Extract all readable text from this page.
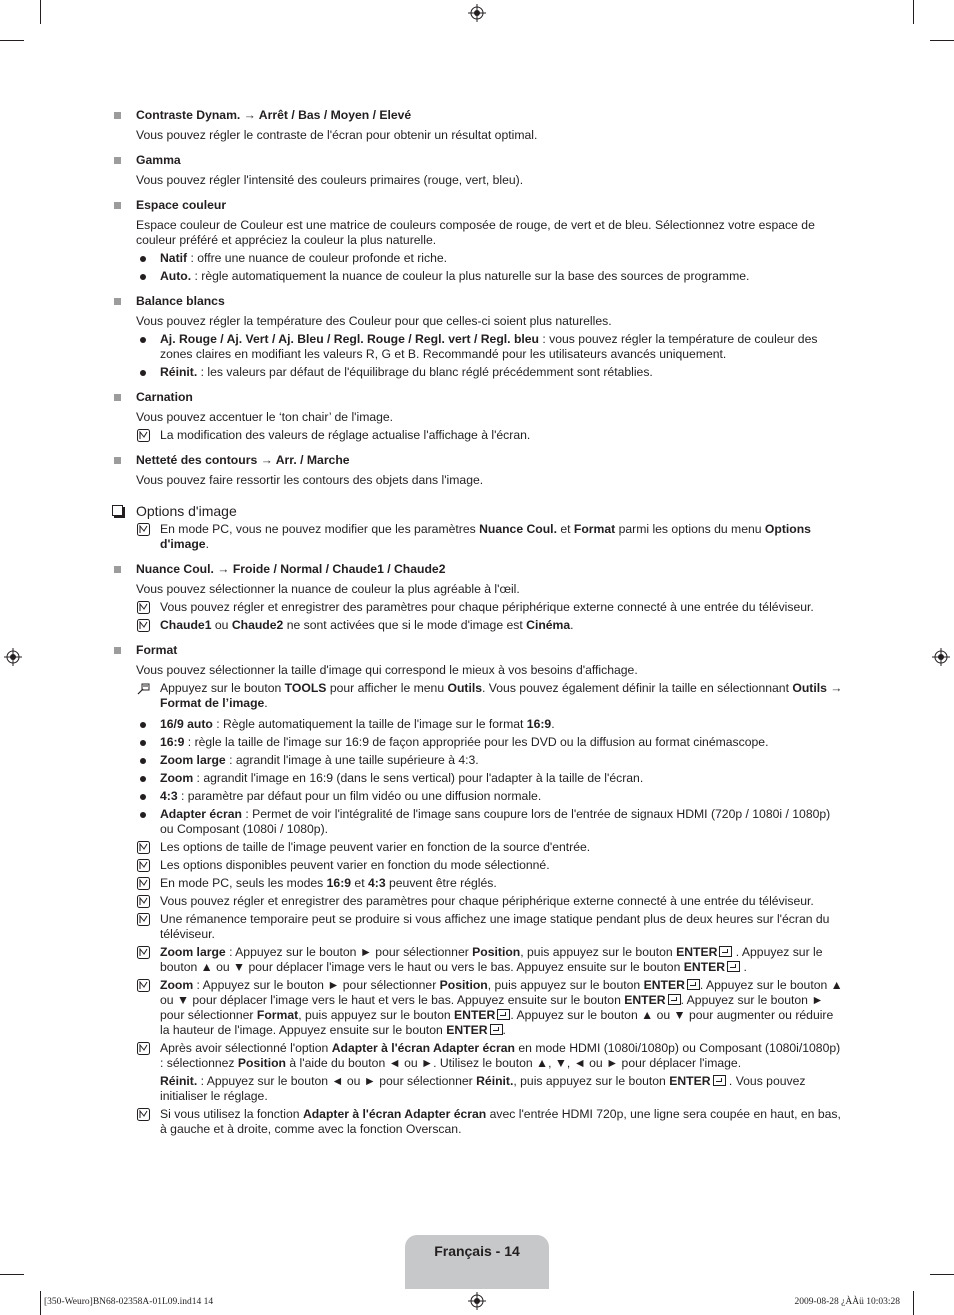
Contraste Dynam. → Arrêt / Bas / Moyen / Elevé
Vous pouvez régler le contraste de l'écran pour obtenir un résultat optimal.
Gamma
Vous pouvez régler l'intensité des couleurs primaires (rouge, vert, bleu).
Espace couleur
Espace couleur de Couleur est une matrice de couleurs composée de rouge, de vert et de bleu. Sélectionnez votre espace de couleur préféré et appréciez la couleur la plus naturelle.
Natif : offre une nuance de couleur profonde et riche.
Auto. : règle automatiquement la nuance de couleur la plus naturelle sur la base des sources de programme.
Balance blancs
Vous pouvez régler la température des Couleur pour que celles-ci soient plus naturelles.
Aj. Rouge / Aj. Vert / Aj. Bleu / Regl. Rouge / Regl. vert / Regl. bleu : vous pouvez régler la température de couleur des zones claires en modifiant les valeurs R, G et B. Recommandé pour les utilisateurs avancés uniquement.
Réinit. : les valeurs par défaut de l'équilibrage du blanc réglé précédemment sont rétablies.
Carnation
Vous pouvez accentuer le ‘ton chair’ de l'image.
La modification des valeurs de réglage actualise l'affichage à l'écran.
Netteté des contours → Arr. / Marche
Vous pouvez faire ressortir les contours des objets dans l'image.
Options d'image
En mode PC, vous ne pouvez modifier que les paramètres Nuance Coul. et Format parmi les options du menu Options d'image.
Nuance Coul. → Froide / Normal / Chaude1 / Chaude2
Vous pouvez sélectionner la nuance de couleur la plus agréable à l'œil.
Vous pouvez régler et enregistrer des paramètres pour chaque périphérique externe connecté à une entrée du téléviseur.
Chaude1 ou Chaude2 ne sont activées que si le mode d'image est Cinéma.
Format
Vous pouvez sélectionner la taille d'image qui correspond le mieux à vos besoins d'affichage.
Appuyez sur le bouton TOOLS pour afficher le menu Outils. Vous pouvez également définir la taille en sélectionnant Outils → Format de l’image.
16/9 auto : Règle automatiquement la taille de l'image sur le format 16:9.
16:9 : règle la taille de l'image sur 16:9 de façon appropriée pour les DVD ou la diffusion au format cinémascope.
Zoom large : agrandit l'image à une taille supérieure à 4:3.
Zoom : agrandit l'image en 16:9 (dans le sens vertical) pour l'adapter à la taille de l'écran.
4:3 : paramètre par défaut pour un film vidéo ou une diffusion normale.
Adapter écran : Permet de voir l'intégralité de l'image sans coupure lors de l'entrée de signaux HDMI (720p / 1080i / 1080p) ou Composant (1080i / 1080p).
Les options de taille de l'image peuvent varier en fonction de la source d'entrée.
Les options disponibles peuvent varier en fonction du mode sélectionné.
En mode PC, seuls les modes 16:9 et 4:3 peuvent être réglés.
Vous pouvez régler et enregistrer des paramètres pour chaque périphérique externe connecté à une entrée du téléviseur.
Une rémanence temporaire peut se produire si vous affichez une image statique pendant plus de deux heures sur l'écran du téléviseur.
Zoom large : Appuyez sur le bouton ► pour sélectionner Position, puis appuyez sur le bouton ENTER . Appuyez sur le bouton ▲ ou ▼ pour déplacer l'image vers le haut ou vers le bas. Appuyez ensuite sur le bouton ENTER .
Zoom : Appuyez sur le bouton ► pour sélectionner Position, puis appuyez sur le bouton ENTER . Appuyez sur le bouton ▲ ou ▼ pour déplacer l'image vers le haut et vers le bas. Appuyez ensuite sur le bouton ENTER . Appuyez sur le bouton ► pour sélectionner Format, puis appuyez sur le bouton ENTER . Appuyez sur le bouton ▲ ou ▼ pour augmenter ou réduire la hauteur de l'image. Appuyez ensuite sur le bouton ENTER .
Après avoir sélectionné l'option Adapter à l'écran Adapter écran en mode HDMI (1080i/1080p) ou Composant (1080i/1080p) : sélectionnez Position à l'aide du bouton ◄ ou ►. Utilisez le bouton ▲, ▼, ◄ ou ► pour déplacer l'image.
Réinit. : Appuyez sur le bouton ◄ ou ► pour sélectionner Réinit., puis appuyez sur le bouton ENTER . Vous pouvez initialiser le réglage.
Si vous utilisez la fonction Adapter à l'écran Adapter écran avec l'entrée HDMI 720p, une ligne sera coupée en haut, en bas, à gauche et à droite, comme avec la fonction Overscan.
Français - 14
[350-Weuro]BN68-02358A-01L09.ind14 14	2009-08-28 ¿ÀÀü 10:03:28
